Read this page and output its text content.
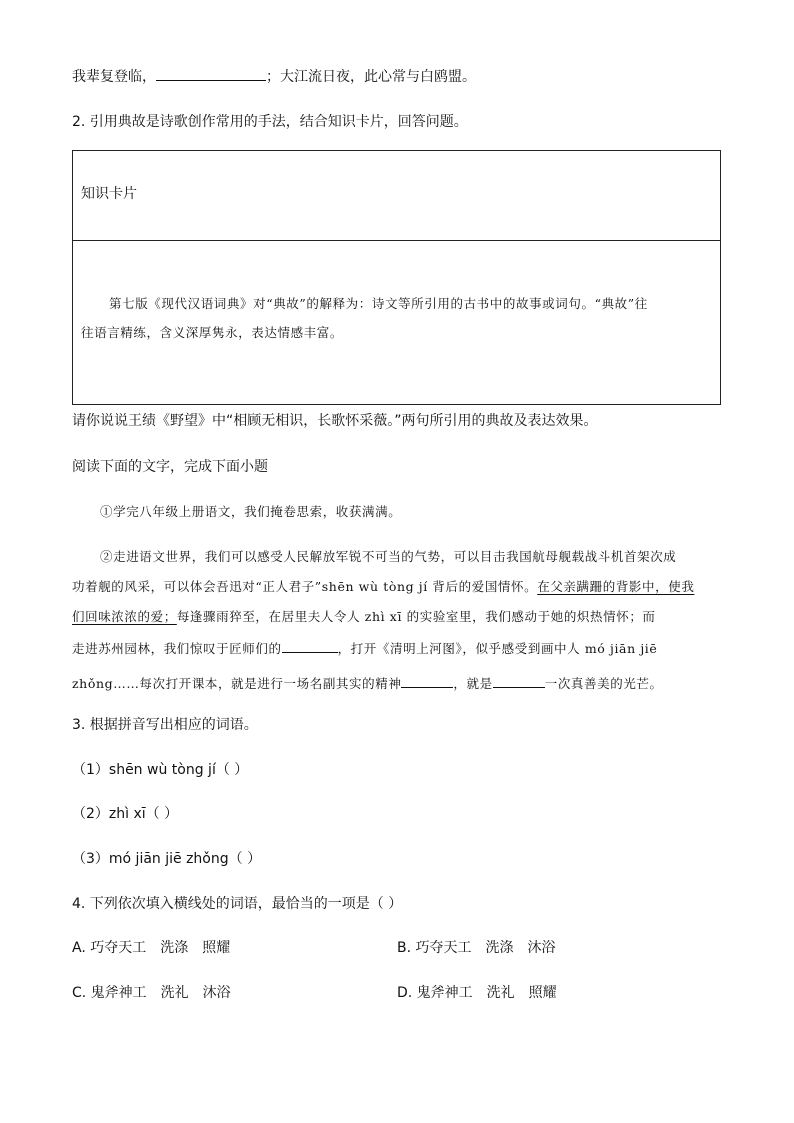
我辈复登临，	；大江流日夜，此心常与白鸥盟。
2. 引用典故是诗歌创作常用的手法，结合知识卡片，回答问题。
知识卡片
第七版《现代汉语词典》对“典故”的解释为：诗文等所引用的古书中的故事或词句。“典故”往
往语言精练，含义深厚隽永，表达情感丰富。
请你说说王绩《野望》中“相顾无相识，长歌怀采薇。”两句所引用的典故及表达效果。
阅读下面的文字，完成下面小题
①学完八年级上册语文，我们掩卷思索，收获满满。
②走进语文世界，我们可以感受人民解放军锐不可当的气势，可以目击我国航母舰载战斗机首架次成
功着舰的风采，可以体会吾迅对“正人君子”shēn wù tòng jí 背后的爱国情怀。在父亲蹒跚的背影中，使我
们回味浓浓的爱；每逢骤雨猝至，在居里夫人令人 zhì xī 的实验室里，我们感动于她的炽热情怀；而
走进苏州园林，我们惊叹于匠师们的	，打开《清明上河图》，似乎感受到画中人 mó jiān jiē
zhǒng……每次打开课本，就是进行一场名副其实的精神	，就是	一次真善美的光芒。
3. 根据拼音写出相应的词语。
（1）shēn wù tòng jí（ ）
（2）zhì xī（ ）
（3）mó jiān jiē zhǒng（ ）
4. 下列依次填入横线处的词语，最恰当的一项是（ ）
A. 巧夺天工　洗涤　照耀	B. 巧夺天工　洗涤　沐浴
C. 鬼斧神工　洗礼　沐浴	D. 鬼斧神工　洗礼　照耀
